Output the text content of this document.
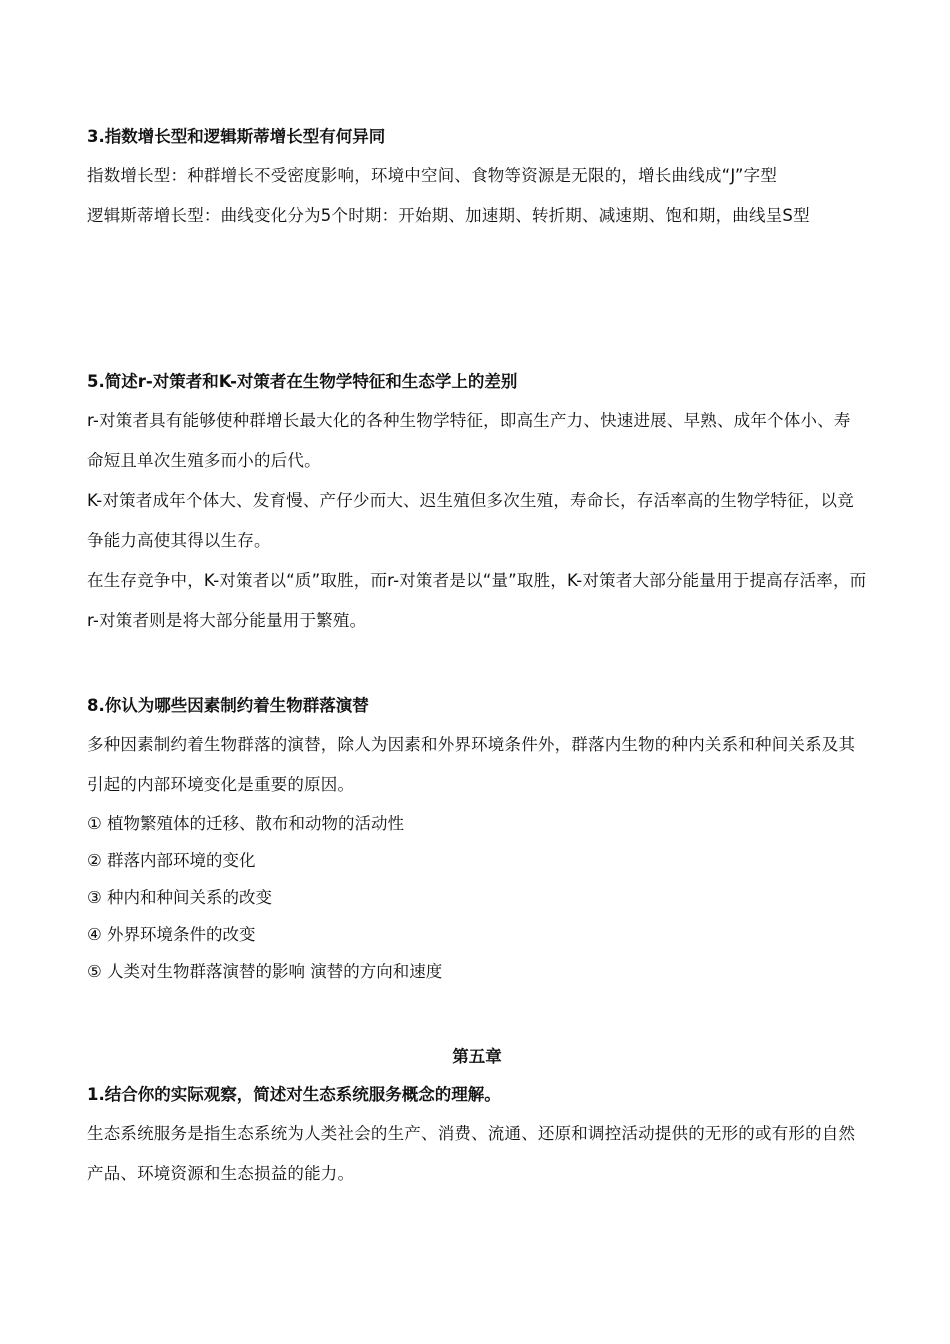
3.指数增长型和逻辑斯蒂增长型有何异同

指数增长型：种群增长不受密度影响，环境中空间、食物等资源是无限的，增长曲线成“J”字型

逻辑斯蒂增长型：曲线变化分为5个时期：开始期、加速期、转折期、减速期、饱和期，曲线呈S型

5.简述r-对策者和K-对策者在生物学特征和生态学上的差别

r-对策者具有能够使种群增长最大化的各种生物学特征，即高生产力、快速进展、早熟、成年个体小、寿命短且单次生殖多而小的后代。

K-对策者成年个体大、发育慢、产仔少而大、迟生殖但多次生殖，寿命长，存活率高的生物学特征，以竞争能力高使其得以生存。

在生存竞争中，K-对策者以“质”取胜，而r-对策者是以“量”取胜，K-对策者大部分能量用于提高存活率，而r-对策者则是将大部分能量用于繁殖。

8.你认为哪些因素制约着生物群落演替

多种因素制约着生物群落的演替，除人为因素和外界环境条件外，群落内生物的种内关系和种间关系及其引起的内部环境变化是重要的原因。

① 植物繁殖体的迁移、散布和动物的活动性

② 群落内部环境的变化

③ 种内和种间关系的改变

④ 外界环境条件的改变

⑤ 人类对生物群落演替的影响 演替的方向和速度

第五章

1.结合你的实际观察，简述对生态系统服务概念的理解。

生态系统服务是指生态系统为人类社会的生产、消费、流通、还原和调控活动提供的无形的或有形的自然产品、环境资源和生态损益的能力。
